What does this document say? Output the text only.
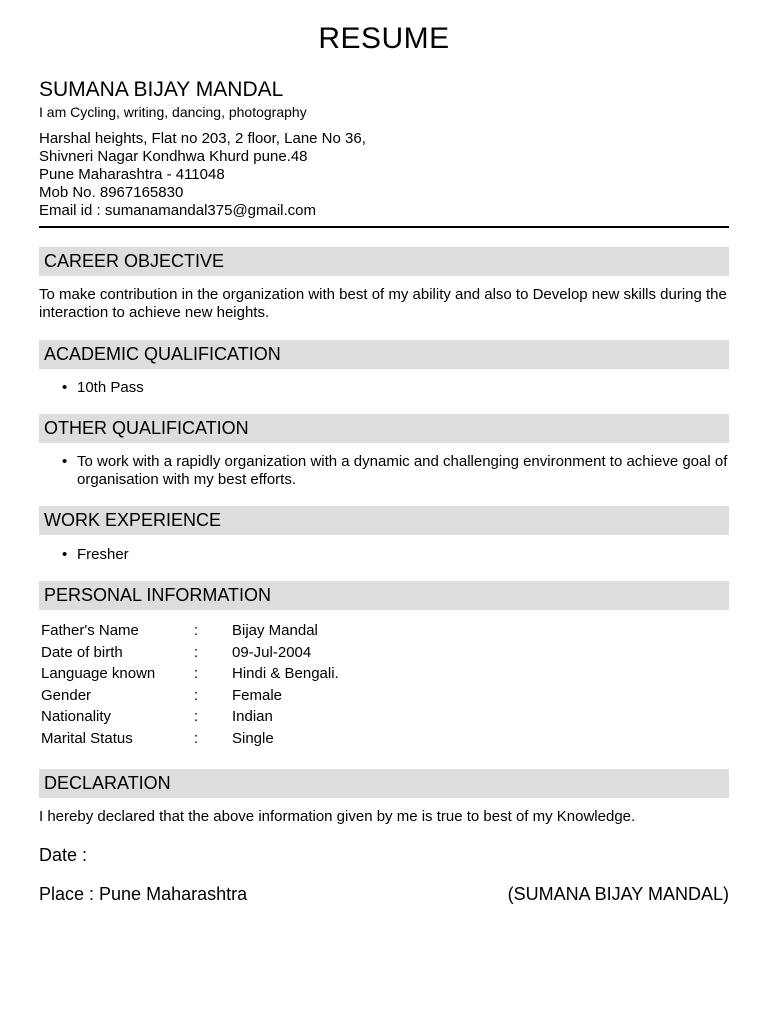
RESUME
SUMANA BIJAY MANDAL
I am Cycling, writing, dancing, photography
Harshal heights, Flat no 203, 2 floor, Lane No 36,
Shivneri Nagar Kondhwa Khurd pune.48
Pune Maharashtra - 411048
Mob No. 8967165830
Email id : sumanamandal375@gmail.com
CAREER OBJECTIVE
To make contribution in the organization with best of my ability and also to Develop new skills during the interaction to achieve new heights.
ACADEMIC QUALIFICATION
• 10th Pass
OTHER QUALIFICATION
• To work with a rapidly organization with a dynamic and challenging environment to achieve goal of organisation with my best efforts.
WORK EXPERIENCE
• Fresher
PERSONAL INFORMATION
Father's Name	:	Bijay Mandal
Date of birth	:	09-Jul-2004
Language known	:	Hindi & Bengali.
Gender	:	Female
Nationality	:	Indian
Marital Status	:	Single
DECLARATION
I hereby declared that the above information given by me is true to best of my Knowledge.
Date :
Place : Pune Maharashtra	(SUMANA BIJAY MANDAL)
